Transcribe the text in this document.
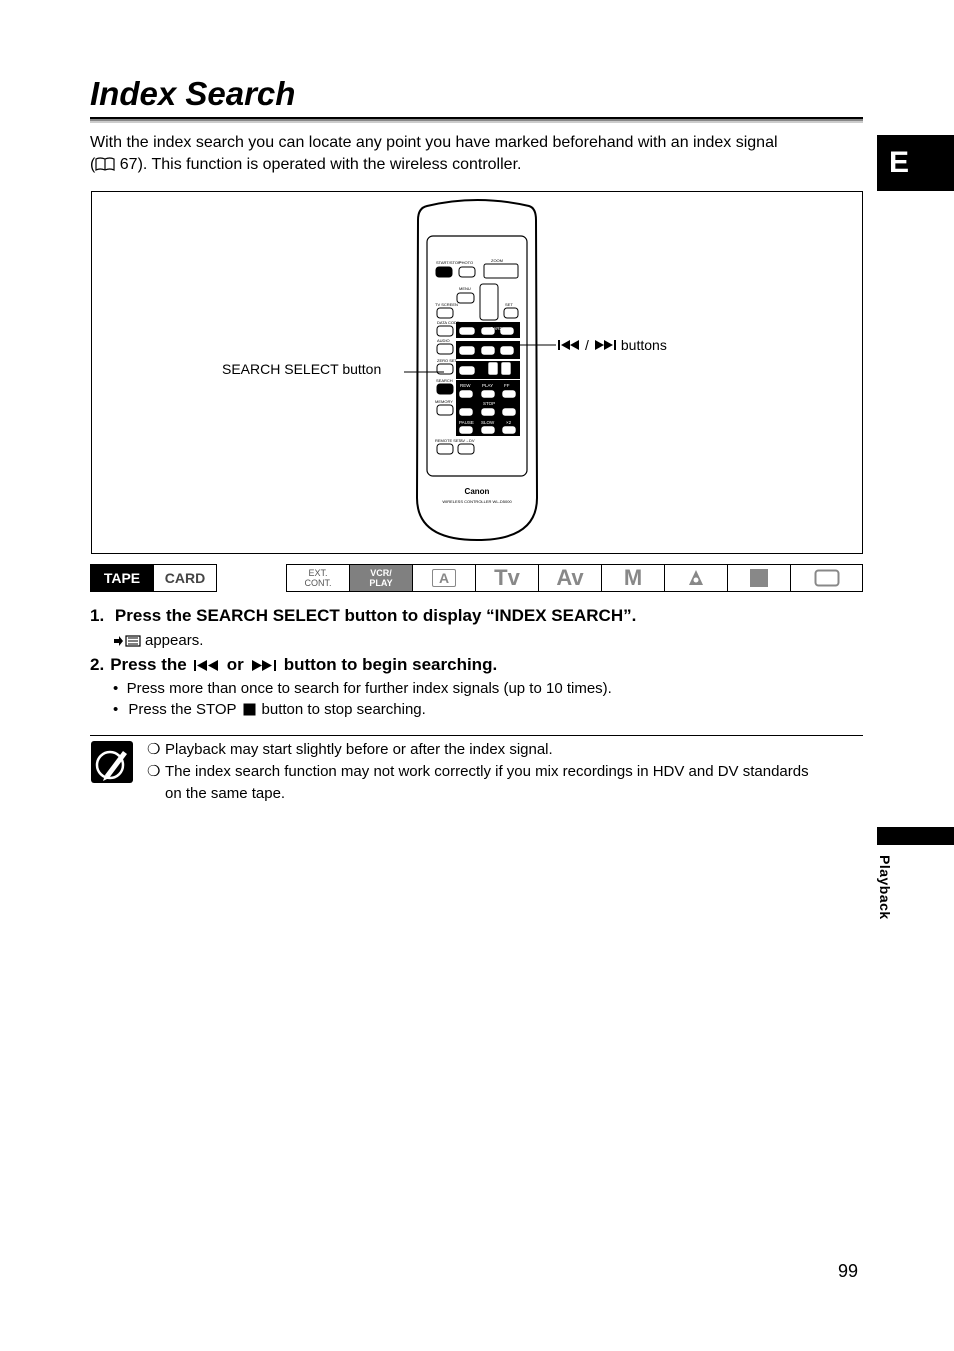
Index Search
E
With the index search you can locate any point you have marked beforehand with an index signal
( 67). This function is operated with the wireless controller.
START/STOP
PHOTO	ZOOM
MENU
TV SCREEN	SET
DATA CODE
AUDIO
ZERO SET
SEARCH
MEMORY
REMOTE SET
AV→DV
REW	PLAY FF
STOP
PAUSE SLOW	×2
CARD
Canon
WIRELESS CONTROLLER WL-D5000
SEARCH SELECT button
/ buttons
TAPE CARD	EXT.
CONT.
VCR/
PLAY	A	Tv Av M
1. Press the SEARCH SELECT button to display “INDEX SEARCH”.
appears.
2. Press the or button to begin searching.
•  Press more than once to search for further index signals (up to 10 times).
• Press the STOP button to stop searching.
❍ Playback may start slightly before or after the index signal.
❍ The index search function may not work correctly if you mix recordings in HDV and DV standards
on the same tape.
Playback
99
